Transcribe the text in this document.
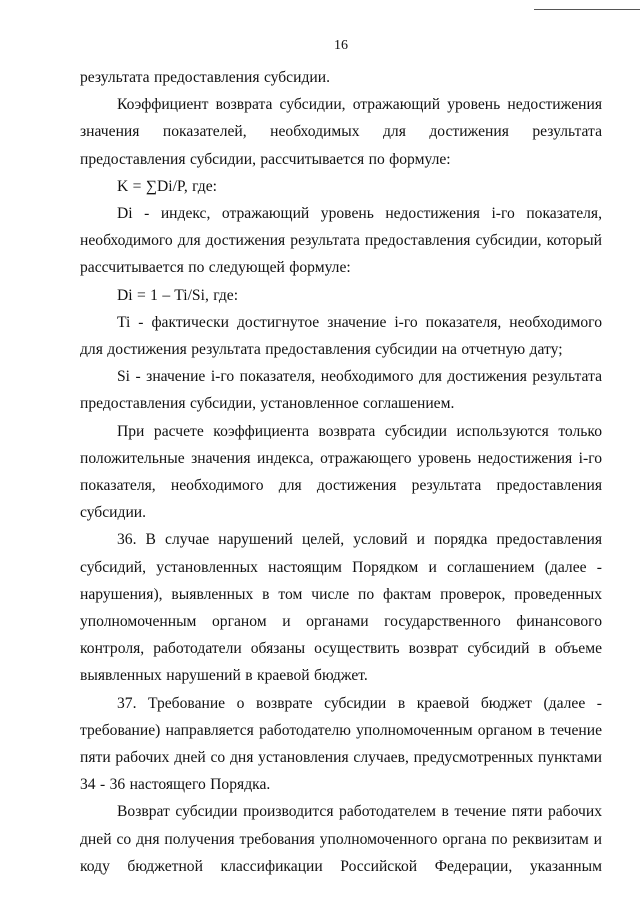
16

результата предоставления субсидии.

Коэффициент возврата субсидии, отражающий уровень недостижения значения показателей, необходимых для достижения результата предоставления субсидии, рассчитывается по формуле:

K = ∑Di/P, где:

Di - индекс, отражающий уровень недостижения i-го показателя, необходимого для достижения результата предоставления субсидии, который рассчитывается по следующей формуле:

Di = 1 – Ti/Si, где:

Ti - фактически достигнутое значение i-го показателя, необходимого для достижения результата предоставления субсидии на отчетную дату;

Si - значение i-го показателя, необходимого для достижения результата предоставления субсидии, установленное соглашением.

При расчете коэффициента возврата субсидии используются только положительные значения индекса, отражающего уровень недостижения i-го показателя, необходимого для достижения результата предоставления субсидии.

36. В случае нарушений целей, условий и порядка предоставления субсидий, установленных настоящим Порядком и соглашением (далее - нарушения), выявленных в том числе по фактам проверок, проведенных уполномоченным органом и органами государственного финансового контроля, работодатели обязаны осуществить возврат субсидий в объеме выявленных нарушений в краевой бюджет.

37. Требование о возврате субсидии в краевой бюджет (далее - требование) направляется работодателю уполномоченным органом в течение пяти рабочих дней со дня установления случаев, предусмотренных пунктами 34 - 36 настоящего Порядка.

Возврат субсидии производится работодателем в течение пяти рабочих дней со дня получения требования уполномоченного органа по реквизитам и коду бюджетной классификации Российской Федерации, указанным
